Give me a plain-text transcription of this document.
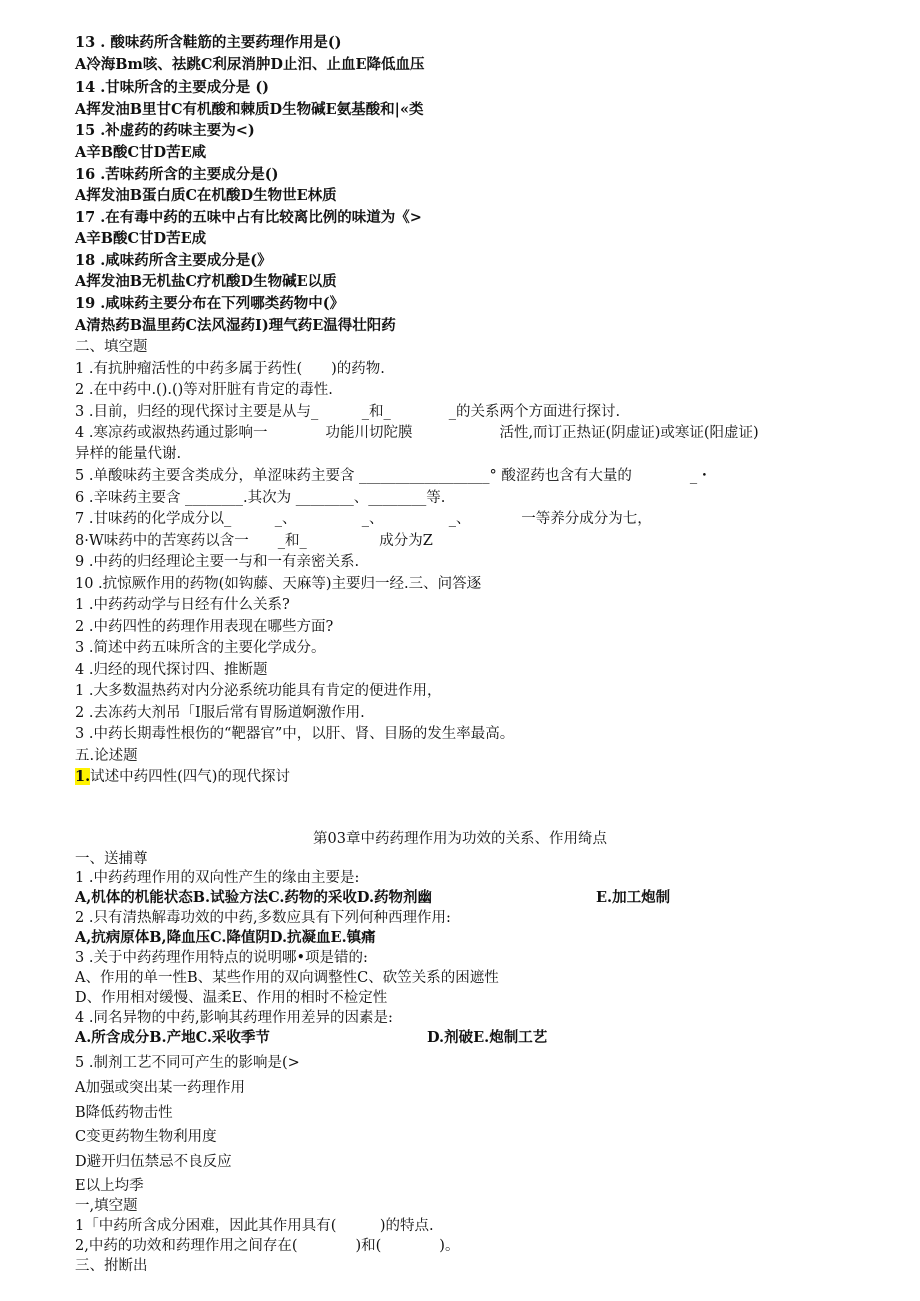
13 . 酸味药所含鞋筋的主要药理作用是()
A冷海Bm咳、祛跳C利尿消肿D止汨、止血E降低血压
14 .甘味所含的主要成分是 ()
A挥发油B里甘C有机酸和棘质D生物碱E氨基酸和|«类
15 .补虚药的药味主要为<)
A辛B酸C甘D苦E咸
16 .苦味药所含的主要成分是()
A挥发油B蛋白质C在机酸D生物世E林质
17 .在有毒中药的五味中占有比较离比例的味道为《>
A辛B酸C甘D苦E成
18 .咸味药所含主要成分是(》
A挥发油B无机盐C疗机酸D生物碱E以质
19 .咸味药主要分布在下列哪类药物中(》
A清热药B温里药C法风湿药I)理气药E温得壮阳药
二、填空题
1 .有抗肿瘤活性的中药多属于药性(　　)的药物.
2 .在中药中.().()等对肝脏有肯定的毒性.
3 .目前，归经的现代探讨主要是从与_　　　_和_　　　　_的关系两个方面进行探讨.
4 .寒凉药或淑热药通过影响一　　　　功能川切陀膜　　　　　　活性,而订正热证(阴虚证)或寒证(阳虚证)
异样的能量代谢.
5 .单酸味药主要含类成分，单涩味药主要含 __________________° 酸涩药也含有大量的　　　　_・
6 .辛味药主要含 ________.其次为 ________、________等.
7 .甘味药的化学成分以_　　　_、　　　　　_、　　　　　_、　　　　一等养分成分为七，
8·W味药中的苦寒药以含一　　_和_　　　　　成分为Z
9 .中药的归经理论主要一与和一有亲密关系.
10 .抗惊厥作用的药物(如钩藤、天麻等)主要归一经.三、问答逐
1 .中药药动学与日经有什么关系?
2 .中药四性的药理作用表现在哪些方面?
3 .简述中药五味所含的主要化学成分。
4 .归经的现代探讨四、推断题
1 .大多数温热药对内分泌系统功能具有肯定的便进作用，
2 .去冻药大剂吊「I服后常有胃肠道婀激作用.
3 .中药长期毒性根伤的“靶器官”中，以肝、肾、目肠的发生率最高。
五.论述题
1.试述中药四性(四气)的现代探讨
第03章中药药理作用为功效的关系、作用绮点
一、送捕尊
1 .中药药理作用的双向性产生的缘由主要是:
A,机体的机能状态B.试验方法C.药物的采收D.药物剂幽	E.加工炮制
2 .只有清热解毒功效的中药,多数应具有下列何种西理作用:
A,抗病原体B,降血压C.降值阴D.抗凝血E.镇痛
3 .关于中药药理作用特点的说明哪•项是错的:
A、作用的单一性B、某些作用的双向调整性C、砍笠关系的困遮性
D、作用相对缓慢、温柔E、作用的相时不检定性
4 .同名异物的中药,影响其药理作用差异的因素是:
A.所含成分B.产地C.采收季节	D.剂破E.炮制工艺
5 .制剂工艺不同可产生的影响是(>
A加强或突出某一药理作用
B降低药物击性
C变更药物生物利用度
D避开归伍禁忌不良反应
E以上均季
一,填空题
1「中药所含成分困难，因此其作用具有(　　　)的特点.
2,中药的功效和药理作用之间存在(　　　　)和(　　　　)。
三、拊断出
